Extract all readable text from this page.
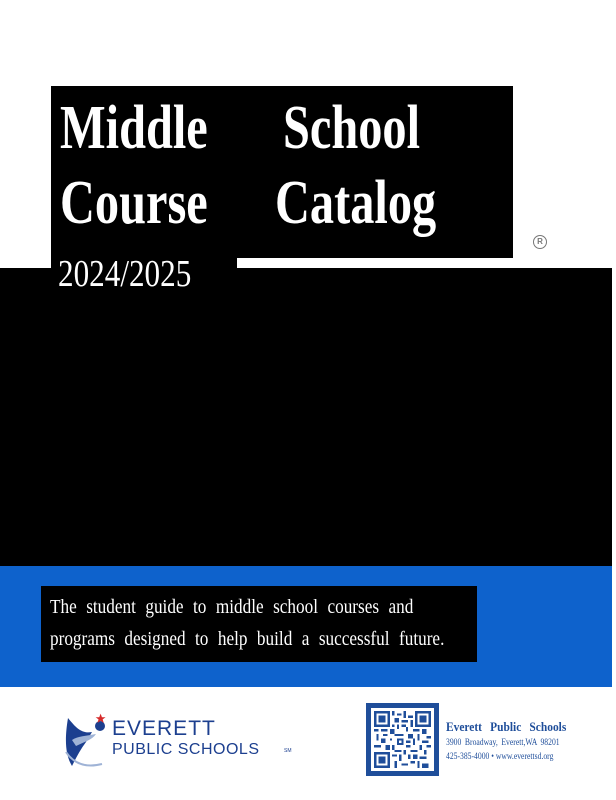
Middle School
Course Catalog
2024/2025
R
The student guide to middle school courses and
programs designed to help build a successful future.
EVERETT
PUBLIC SCHOOLS	SM
Everett Public Schools
3900 Broadway, Everett,WA 98201
425-385-4000 • www.everettsd.org
